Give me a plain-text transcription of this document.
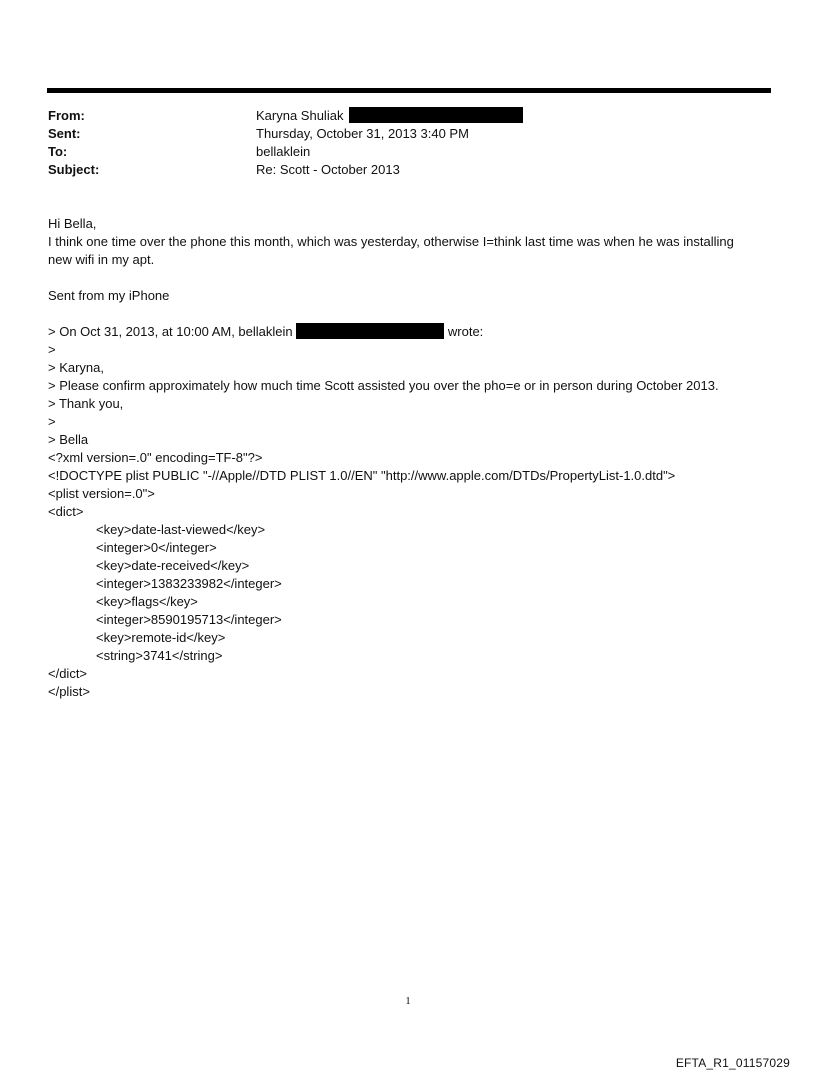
From:	Karyna Shuliak
Sent:	Thursday, October 31, 2013 3:40 PM
To:	bellaklein
Subject:	Re: Scott - October 2013
Hi Bella,
I think one time over the phone this month, which was yesterday, otherwise I=think last time was when he was installing
new wifi in my apt.
Sent from my iPhone
> On Oct 31, 2013, at 10:00 AM, bellaklein	wrote:
>
> Karyna,
> Please confirm approximately how much time Scott assisted you over the pho=e or in person during October 2013.
> Thank you,
>
> Bella
<?xml version=.0" encoding=TF-8"?>
<!DOCTYPE plist PUBLIC "-//Apple//DTD PLIST 1.0//EN" "http://www.apple.com/DTDs/PropertyList-1.0.dtd">
<plist version=.0">
<dict>
<key>date-last-viewed</key>
<integer>0</integer>
<key>date-received</key>
<integer>1383233982</integer>
<key>flags</key>
<integer>8590195713</integer>
<key>remote-id</key>
<string>3741</string>
</dict>
</plist>
1
EFTA_R1_01157029
